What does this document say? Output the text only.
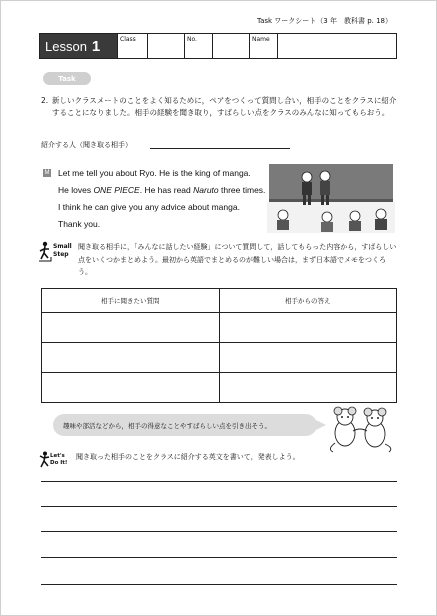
Task ワークシート（3 年　教科書 p. 18）
Lesson 1	Class	No.	Name
Task
2. 新しいクラスメートのことをよく知るために，ペアをつくって質問し合い，相手のことをクラスに紹介することになりました。相手の経験を聞き取り，すばらしい点をクラスのみんなに知ってもらおう。
紹介する人（聞き取る相手）
M Let me tell you about Ryo. He is the king of manga.
He loves ONE PIECE. He has read Naruto three times.
I think he can give you any advice about manga.
Thank you.
Small
Step
聞き取る相手に，「みんなに話したい経験」について質問して，話してもらった内容から，すばらしい点をいくつかまとめよう。最初から英語でまとめるのが難しい場合は，まず日本語でメモをつくろう。
相手に聞きたい質問	相手からの答え

趣味や部活などから，相手の得意なことやすばらしい点を引き出そう。
Let's
Do It!
聞き取った相手のことをクラスに紹介する英文を書いて，発表しよう。
